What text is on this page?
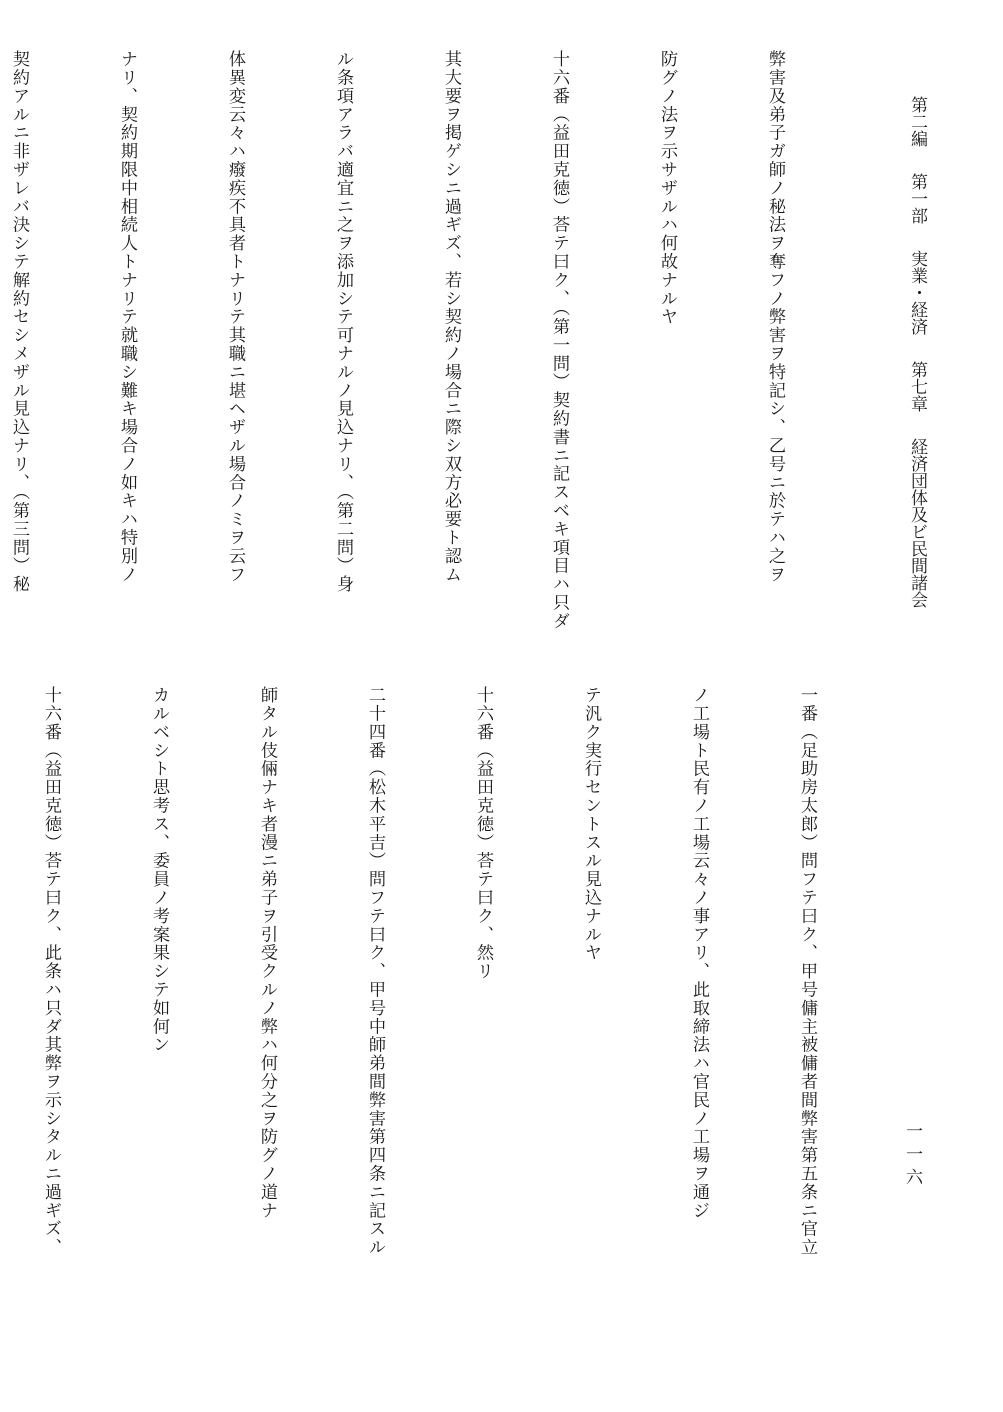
第二編
第一部
実業・経済
第七章
経済団体及ビ民間諸会
一一六

弊害及弟子ガ師ノ秘法ヲ奪フノ弊害ヲ特記シ、乙号ニ於テハ之ヲ

防グノ法ヲ示サザルハ何故ナルヤ

十六番（益田克徳）荅テ曰ク、（第一問）契約書ニ記スベキ項目ハ只ダ

其大要ヲ掲ゲシニ過ギズ、若シ契約ノ場合ニ際シ双方必要ト認ム

ル条項アラバ適宜ニ之ヲ添加シテ可ナルノ見込ナリ、（第二問）身

体異変云々ハ癈疾不具者トナリテ其職ニ堪ヘザル場合ノミヲ云フ

ナリ、契約期限中相続人トナリテ就職シ難キ場合ノ如キハ特別ノ

契約アルニ非ザレバ決シテ解約セシメザル見込ナリ、（第三問）秘

一番（足助房太郎）問フテ曰ク、甲号傭主被傭者間弊害第五条ニ官立

ノ工場ト民有ノ工場云々ノ事アリ、此取締法ハ官民ノ工場ヲ通ジ

テ汎ク実行セントスル見込ナルヤ

十六番（益田克徳）荅テ曰ク、然リ

二十四番（松木平吉）問フテ曰ク、甲号中師弟間弊害第四条ニ記スル

師タル伎倆ナキ者漫ニ弟子ヲ引受クルノ弊ハ何分之ヲ防グノ道ナ

カルベシト思考ス、委員ノ考案果シテ如何ン

十六番（益田克徳）荅テ曰ク、此条ハ只ダ其弊ヲ示シタルニ過ギズ、
